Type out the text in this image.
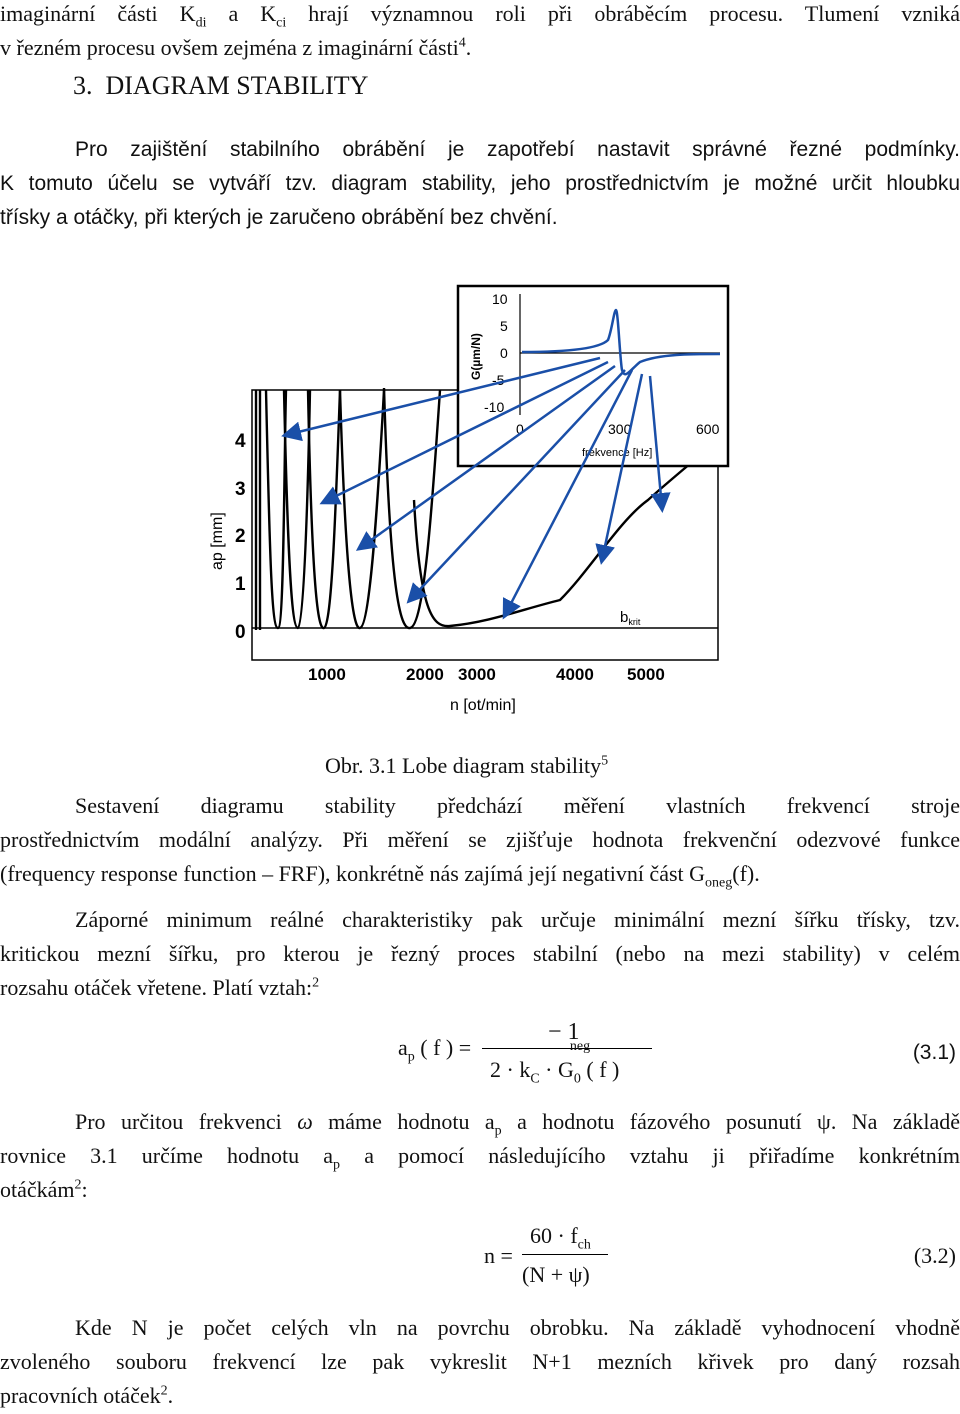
imaginární části $K_{di}$ a $K_{ci}$ hrají významnou roli při obráběcím procesu. Tlumení vzniká
v řezném procesu ovšem zejména z imaginární části$^4$.
3. DIAGRAM STABILITY
Pro zajištění stabilního obrábění je zapotřebí nastavit správné řezné podmínky.
K tomuto účelu se vytváří tzv. diagram stability, jeho prostřednictvím je možné určit hloubku
třísky a otáčky, při kterých je zaručeno obrábění bez chvění.
4
3
2
1
0
ap [mm]
1000	2000 3000	4000 5000
n [ot/min]
$b_{krit}$
10
5
0
-5
-10
0	300	600
frekvence [Hz]
G(µm/N)
Obr. 3.1 Lobe diagram stability$^5$
Sestavení diagramu stability předchází měření vlastních frekvencí stroje
prostřednictvím modální analýzy. Při měření se zjišťuje hodnota frekvenční odezvové funkce
(frequency response function – FRF), konkrétně nás zajímá její negativní část $G_{oneg}(f)$.
Záporné minimum reálné charakteristiky pak určuje minimální mezní šířku třísky, tzv.
kritickou mezní šířku, pro kterou je řezný proces stabilní (nebo na mezi stability) v celém
rozsahu otáček vřetene. Platí vztah:$^2$
$a_p$ ( f ) =
− 1
$2 \cdot k_C \cdot G_0$
neg
( f )
(3.1)
Pro určitou frekvenci ω máme hodnotu $a_p$ a hodnotu fázového posunutí ψ. Na základě
rovnice 3.1 určíme hodnotu $a_p$ a pomocí následujícího vztahu ji přiřadíme konkrétním
otáčkám$^2$:
n =
$60 \cdot f_{ch}$
(N + ψ)
(3.2)
Kde N je počet celých vln na povrchu obrobku. Na základě vyhodnocení vhodně
zvoleného souboru frekvencí lze pak vykreslit N+1 mezních křivek pro daný rozsah
pracovních otáček$^2$.
